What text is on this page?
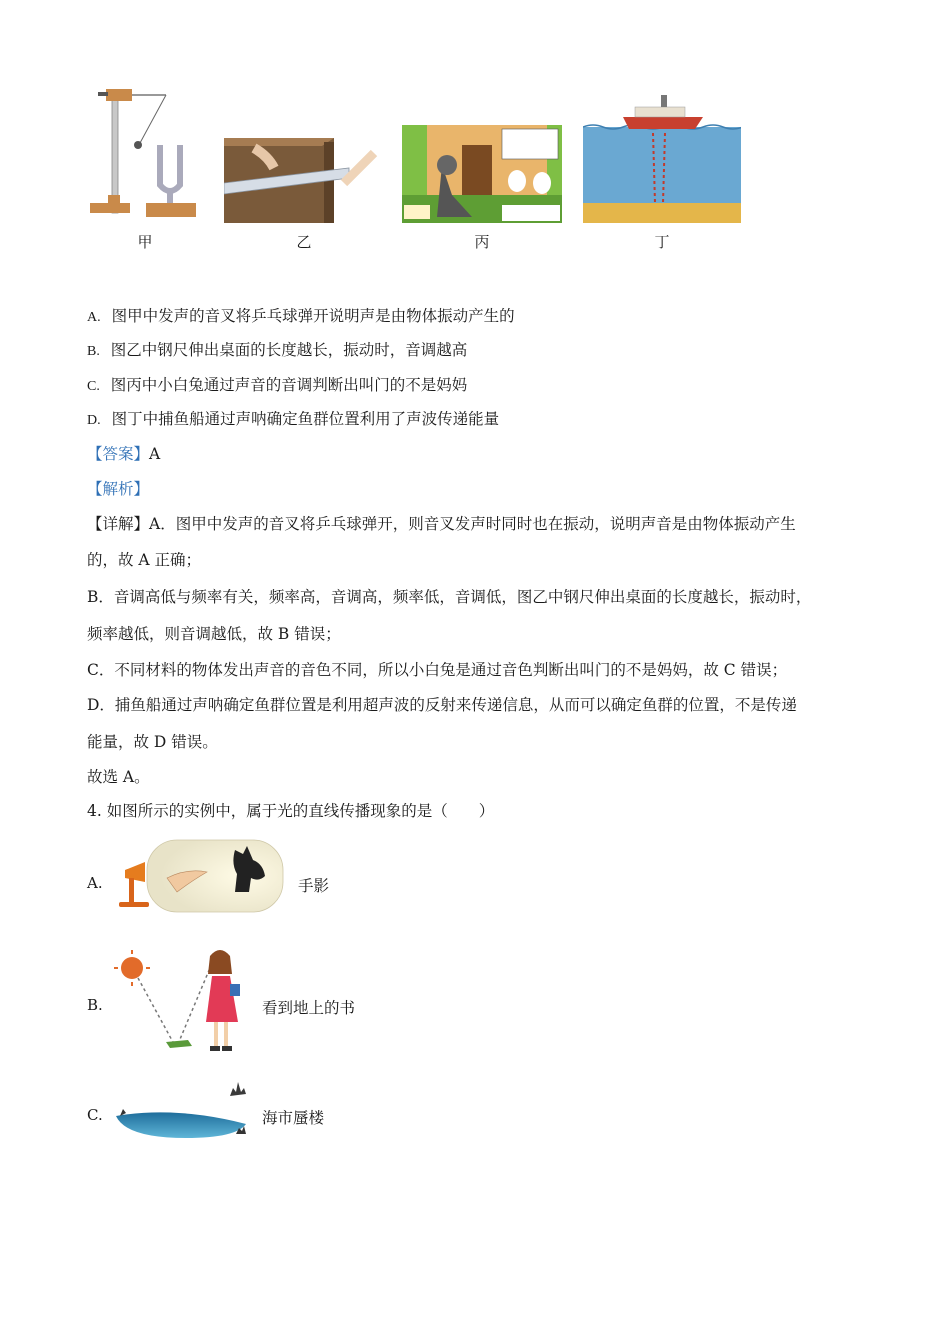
甲	乙	丙	丁
A. 图甲中发声的音叉将乒乓球弹开说明声是由物体振动产生的
B. 图乙中钢尺伸出桌面的长度越长，振动时，音调越高
C. 图丙中小白兔通过声音的音调判断出叫门的不是妈妈
D. 图丁中捕鱼船通过声呐确定鱼群位置利用了声波传递能量
【答案】A
【解析】
【详解】A．图甲中发声的音叉将乒乓球弹开，则音叉发声时同时也在振动，说明声音是由物体振动产生
的，故 A 正确；
B．音调高低与频率有关，频率高，音调高，频率低，音调低，图乙中钢尺伸出桌面的长度越长，振动时，
频率越低，则音调越低，故 B 错误；
C．不同材料的物体发出声音的音色不同，所以小白兔是通过音色判断出叫门的不是妈妈，故 C 错误；
D．捕鱼船通过声呐确定鱼群位置是利用超声波的反射来传递信息，从而可以确定鱼群的位置，不是传递
能量，故 D 错误。
故选 A。
4. 如图所示的实例中，属于光的直线传播现象的是（　　）
A.	手影
B.	看到地上的书
C.	海市蜃楼
